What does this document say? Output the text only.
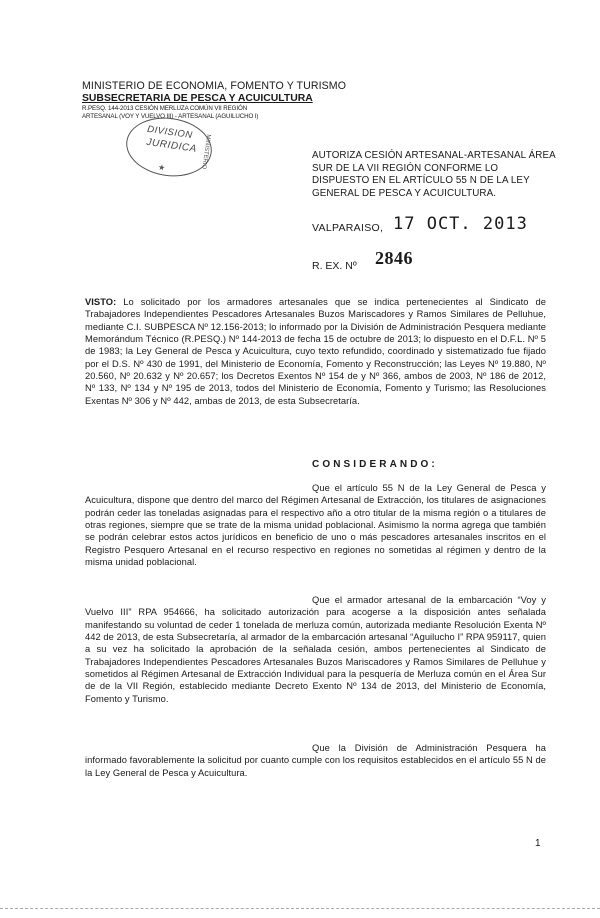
MINISTERIO DE ECONOMIA, FOMENTO Y TURISMO
SUBSECRETARIA DE PESCA Y ACUICULTURA
R.PESQ. 144-2013 CESIÓN MERLUZA COMÚN VII REGIÓN
ARTESANAL (VOY Y VUELVO III) - ARTESANAL (AGUILUCHO I)
DIVISION
JURIDICA MINISTERIO
★
AUTORIZA CESIÓN ARTESANAL-ARTESANAL ÁREA SUR DE LA VII REGIÓN CONFORME LO DISPUESTO EN EL ARTÍCULO 55 N DE LA LEY GENERAL DE PESCA Y ACUICULTURA.
VALPARAISO, 17 OCT. 2013
R. EX. Nº 2846
VISTO: Lo solicitado por los armadores artesanales que se indica pertenecientes al Sindicato de Trabajadores Independientes Pescadores Artesanales Buzos Mariscadores y Ramos Similares de Pelluhue, mediante C.I. SUBPESCA Nº 12.156-2013; lo informado por la División de Administración Pesquera mediante Memorándum Técnico (R.PESQ.) Nº 144-2013 de fecha 15 de octubre de 2013; lo dispuesto en el D.F.L. Nº 5 de 1983; la Ley General de Pesca y Acuicultura, cuyo texto refundido, coordinado y sistematizado fue fijado por el D.S. Nº 430 de 1991, del Ministerio de Economía, Fomento y Reconstrucción; las Leyes Nº 19.880, Nº 20.560, Nº 20.632 y Nº 20.657; los Decretos Exentos Nº 154 de y Nº 366, ambos de 2003, Nº 186 de 2012, Nº 133, Nº 134 y Nº 195 de 2013, todos del Ministerio de Economía, Fomento y Turismo; las Resoluciones Exentas Nº 306 y Nº 442, ambas de 2013, de esta Subsecretaría.
CONSIDERANDO:
Que el artículo 55 N de la Ley General de Pesca y Acuicultura, dispone que dentro del marco del Régimen Artesanal de Extracción, los titulares de asignaciones podrán ceder las toneladas asignadas para el respectivo año a otro titular de la misma región o a titulares de otras regiones, siempre que se trate de la misma unidad poblacional. Asimismo la norma agrega que también se podrán celebrar estos actos jurídicos en beneficio de uno o más pescadores artesanales inscritos en el Registro Pesquero Artesanal en el recurso respectivo en regiones no sometidas al régimen y dentro de la misma unidad poblacional.
Que el armador artesanal de la embarcación “Voy y Vuelvo III” RPA 954666, ha solicitado autorización para acogerse a la disposición antes señalada manifestando su voluntad de ceder 1 tonelada de merluza común, autorizada mediante Resolución Exenta Nº 442 de 2013, de esta Subsecretaría, al armador de la embarcación artesanal “Aguilucho I” RPA 959117, quien a su vez ha solicitado la aprobación de la señalada cesión, ambos pertenecientes al Sindicato de Trabajadores Independientes Pescadores Artesanales Buzos Mariscadores y Ramos Similares de Pelluhue y sometidos al Régimen Artesanal de Extracción Individual para la pesquería de Merluza común en el Área Sur de de la VII Región, establecido mediante Decreto Exento Nº 134 de 2013, del Ministerio de Economía, Fomento y Turismo.
Que la División de Administración Pesquera ha informado favorablemente la solicitud por cuanto cumple con los requisitos establecidos en el artículo 55 N de la Ley General de Pesca y Acuicultura.
1
